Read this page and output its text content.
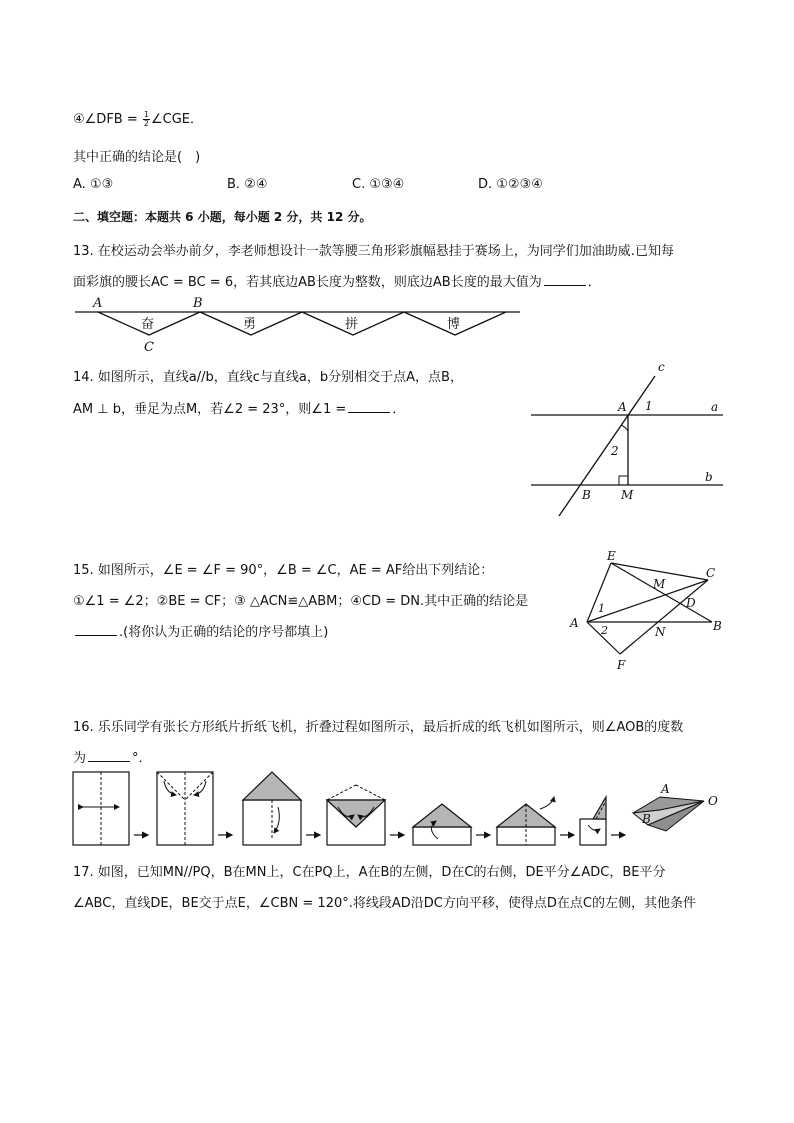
④∠DFB = $\frac{1}{2}$ ∠CGE．
其中正确的结论是(　)
A. ①③	B. ②④	C. ①③④	D. ①②③④
二、填空题：本题共 6 小题，每小题 2 分，共 12 分。
13. 在校运动会举办前夕，李老师想设计一款等腰三角形彩旗幅悬挂于赛场上，为同学们加油助威.已知每
面彩旗的腰长AC = BC = 6，若其底边AB长度为整数，则底边AB长度的最大值为	．
A	B
C
奋	勇	拼	博
14. 如图所示，直线a//b，直线c与直线a，b分别相交于点A，点B，
AM ⊥ b，垂足为点M，若∠2 = 23°，则∠1 =	．
c
A 1	a
2
b
B	M
15. 如图所示，∠E = ∠F = 90°，∠B = ∠C，AE = AF给出下列结论：
①∠1 = ∠2；②BE = CF；③ △ACN≌△ABM；④CD = DN.其中正确的结论是
.(将你认为正确的结论的序号都填上)
E
M
C
D
A
1
2	N	B
F
16. 乐乐同学有张长方形纸片折纸飞机，折叠过程如图所示，最后折成的纸飞机如图所示，则∠AOB的度数
为	°．
A
O
B
17. 如图，已知MN//PQ，B在MN上，C在PQ上，A在B的左侧，D在C的右侧，DE平分∠ADC，BE平分
∠ABC，直线DE，BE交于点E，∠CBN = 120°.将线段AD沿DC方向平移，使得点D在点C的左侧，其他条件
